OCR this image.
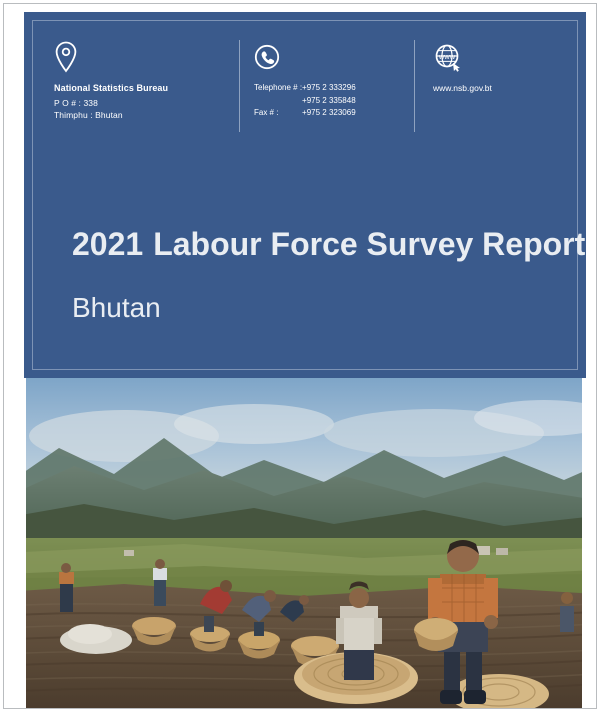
National Statistics Bureau
P O # : 338
Thimphu : Bhutan
Telephone # :	+975 2 333296
	+975 2 335848
Fax # :	+975 2 323069
www
www.nsb.gov.bt
2021 Labour Force Survey Report
Bhutan
